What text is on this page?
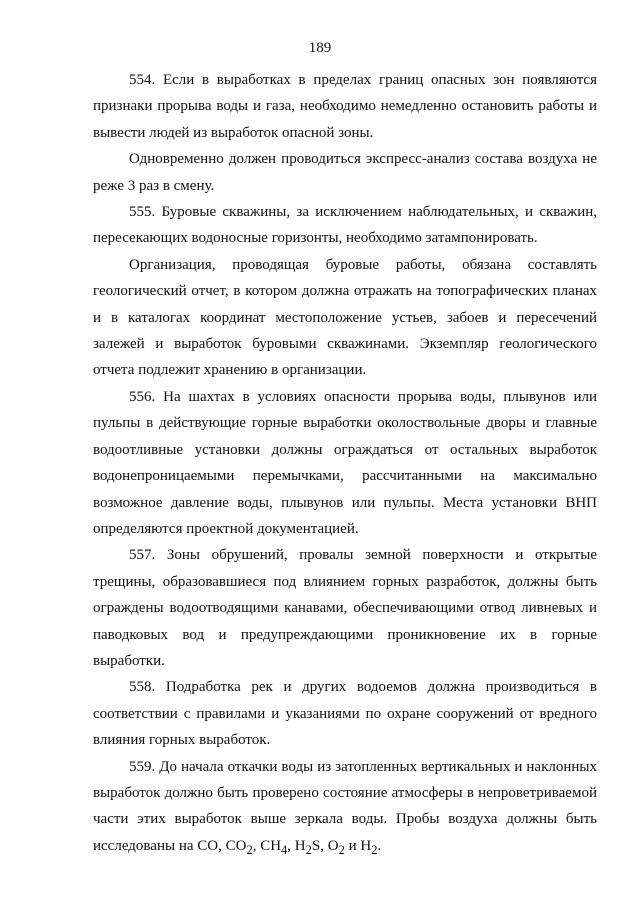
189

554. Если в выработках в пределах границ опасных зон появляются признаки прорыва воды и газа, необходимо немедленно остановить работы и вывести людей из выработок опасной зоны.

Одновременно должен проводиться экспресс-анализ состава воздуха не реже 3 раз в смену.

555. Буровые скважины, за исключением наблюдательных, и скважин, пересекающих водоносные горизонты, необходимо затампонировать.

Организация, проводящая буровые работы, обязана составлять геологический отчет, в котором должна отражать на топографических планах и в каталогах координат местоположение устьев, забоев и пересечений залежей и выработок буровыми скважинами. Экземпляр геологического отчета подлежит хранению в организации.

556. На шахтах в условиях опасности прорыва воды, плывунов или пульпы в действующие горные выработки околоствольные дворы и главные водоотливные установки должны ограждаться от остальных выработок водонепроницаемыми перемычками, рассчитанными на максимально возможное давление воды, плывунов или пульпы. Места установки ВНП определяются проектной документацией.

557. Зоны обрушений, провалы земной поверхности и открытые трещины, образовавшиеся под влиянием горных разработок, должны быть ограждены водоотводящими канавами, обеспечивающими отвод ливневых и паводковых вод и предупреждающими проникновение их в горные выработки.

558. Подработка рек и других водоемов должна производиться в соответствии с правилами и указаниями по охране сооружений от вредного влияния горных выработок.

559. До начала откачки воды из затопленных вертикальных и наклонных выработок должно быть проверено состояние атмосферы в непроветриваемой части этих выработок выше зеркала воды. Пробы воздуха должны быть исследованы на CO, $CO_2$, $CH_4$, $H_2S$, $O_2$ и $H_2$.
